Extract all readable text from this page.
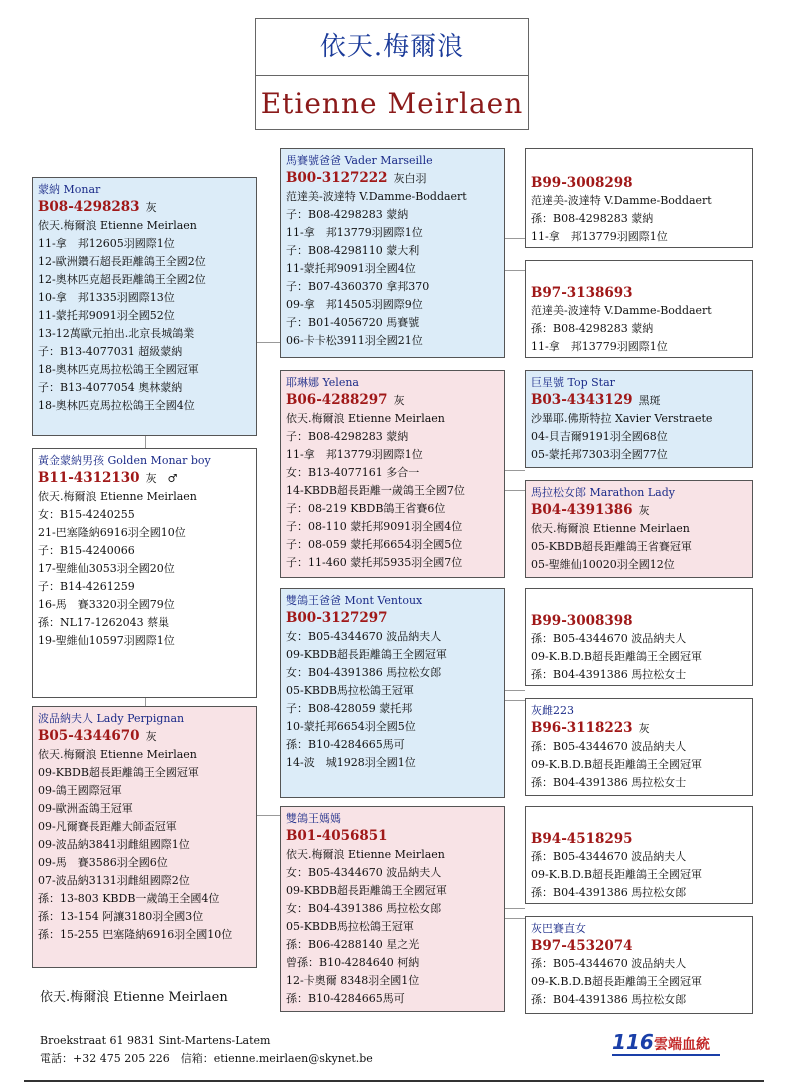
依天.梅爾浪
Etienne Meirlaen
蒙納 Monar
B08-4298283 灰
依天.梅爾浪 Etienne Meirlaen
11-拿　邦12605羽國際1位
12-歐洲鑽石超長距離鴿王全國2位
12-奧林匹克超長距離鴿王全國2位
10-拿　邦1335羽國際13位
11-蒙托邦9091羽全國52位
13-12萬歐元拍出.北京長城鴿業
子：B13-4077031 超級蒙納
18-奧林匹克馬拉松鴿王全國冠軍
子：B13-4077054 奧林蒙納
18-奧林匹克馬拉松鴿王全國4位
黃金蒙納男孩 Golden Monar boy
B11-4312130 灰　♂
依天.梅爾浪 Etienne Meirlaen
女：B15-4240255
21-巴塞隆納6916羽全國10位
子：B15-4240066
17-聖維仙3053羽全國20位
子：B14-4261259
16-馬　賽3320羽全國79位
孫：NL17-1262043 蔡巢
19-聖維仙10597羽國際1位
波品納夫人 Lady Perpignan
B05-4344670 灰
依天.梅爾浪 Etienne Meirlaen
09-KBDB超長距離鴿王全國冠軍
09-鴿王國際冠軍
09-歐洲盃鴿王冠軍
09-凡爾賽長距離大師盃冠軍
09-波品納3841羽雌組國際1位
09-馬　賽3586羽全國6位
07-波品納3131羽雌組國際2位
孫：13-803 KBDB一歲鴿王全國4位
孫：13-154 阿讓3180羽全國3位
孫：15-255 巴塞隆納6916羽全國10位
馬賽號爸爸 Vader Marseille
B00-3127222 灰白羽
范達美-波達特 V.Damme-Boddaert
子：B08-4298283 蒙納
11-拿　邦13779羽國際1位
子：B08-4298110 蒙大利
11-蒙托邦9091羽全國4位
子：B07-4360370 拿邦370
09-拿　邦14505羽國際9位
子：B01-4056720 馬賽號
06-卡卡松3911羽全國21位
耶琳娜 Yelena
B06-4288297 灰
依天.梅爾浪 Etienne Meirlaen
子：B08-4298283 蒙納
11-拿　邦13779羽國際1位
女：B13-4077161 多合一
14-KBDB超長距離一歲鴿王全國7位
子：08-219 KBDB鴿王省賽6位
子：08-110 蒙托邦9091羽全國4位
子：08-059 蒙托邦6654羽全國5位
子：11-460 蒙托邦5935羽全國7位
雙鴿王爸爸 Mont Ventoux
B00-3127297
女：B05-4344670 波品納夫人
09-KBDB超長距離鴿王全國冠軍
女：B04-4391386 馬拉松女郎
05-KBDB馬拉松鴿王冠軍
子：B08-428059 蒙托邦
10-蒙托邦6654羽全國5位
孫：B10-4284665馬可
14-波　城1928羽全國1位
雙鴿王媽媽
B01-4056851
依天.梅爾浪 Etienne Meirlaen
女：B05-4344670 波品納夫人
09-KBDB超長距離鴿王全國冠軍
女：B04-4391386 馬拉松女郎
05-KBDB馬拉松鴿王冠軍
孫：B06-4288140 星之光
曾孫：B10-4284640 柯納
12-卡奧爾 8348羽全國1位
孫：B10-4284665馬可
B99-3008298
范達美-波達特 V.Damme-Boddaert
孫：B08-4298283 蒙納
11-拿　邦13779羽國際1位
B97-3138693
范達美-波達特 V.Damme-Boddaert
孫：B08-4298283 蒙納
11-拿　邦13779羽國際1位
巨星號 Top Star
B03-4343129 黑斑
沙畢耶.佛斯特拉 Xavier Verstraete
04-貝吉爾9191羽全國68位
05-蒙托邦7303羽全國77位
馬拉松女郎 Marathon Lady
B04-4391386 灰
依天.梅爾浪 Etienne Meirlaen
05-KBDB超長距離鴿王省賽冠軍
05-聖維仙10020羽全國12位
B99-3008398
孫：B05-4344670 波品納夫人
09-K.B.D.B超長距離鴿王全國冠軍
孫：B04-4391386 馬拉松女士
灰雌223
B96-3118223 灰
孫：B05-4344670 波品納夫人
09-K.B.D.B超長距離鴿王全國冠軍
孫：B04-4391386 馬拉松女士
B94-4518295
孫：B05-4344670 波品納夫人
09-K.B.D.B超長距離鴿王全國冠軍
孫：B04-4391386 馬拉松女郎
灰巴賽直女
B97-4532074
孫：B05-4344670 波品納夫人
09-K.B.D.B超長距離鴿王全國冠軍
孫：B04-4391386 馬拉松女郎
依天.梅爾浪 Etienne Meirlaen
Broekstraat 61 9831 Sint-Martens-Latem
電話：+32 475 205 226　信箱：etienne.meirlaen@skynet.be
116 雲端血統
